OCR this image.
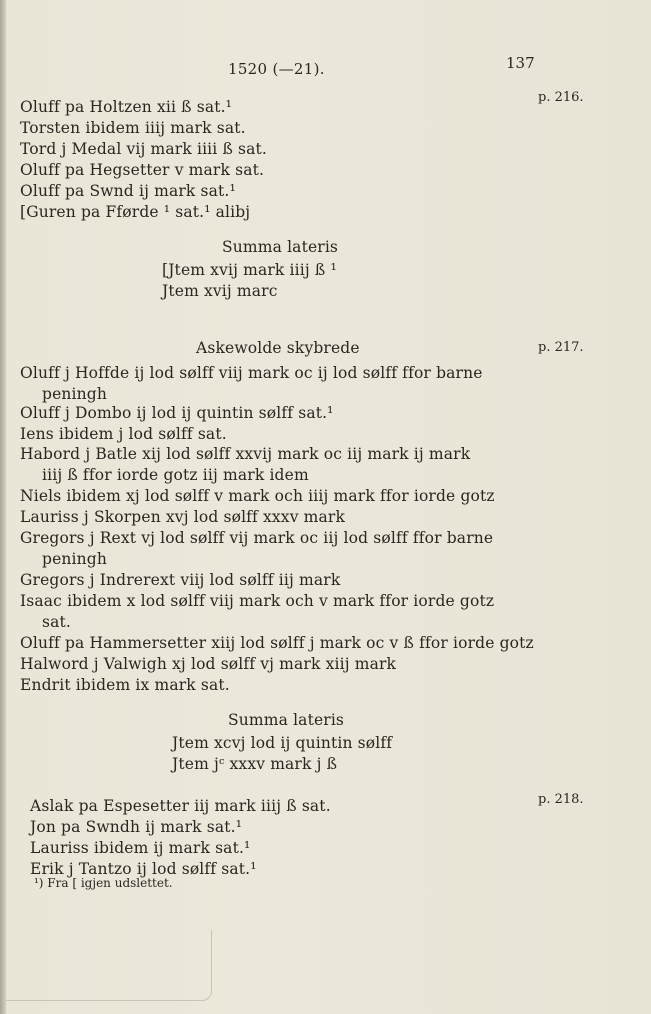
1520 (—21).	137
p. 216.
p. 217.
p. 218.
Oluff pa Holtzen xii ß sat.¹
Torsten ibidem iiij mark sat.
Tord j Medal vij mark iiii ß sat.
Oluff pa Hegsetter v mark sat.
Oluff pa Swnd ij mark sat.¹
[Guren pa Fførde ¹ sat.¹ alibj
Summa lateris
[Jtem xvij mark iiij ß ¹
Jtem xvij marc
Askewolde skybrede
Oluff j Hoffde ij lod sølff viij mark oc ij lod sølff ffor barne
peningh
Oluff j Dombo ij lod ij quintin sølff sat.¹
Iens ibidem j lod sølff sat.
Habord j Batle xij lod sølff xxvij mark oc iij mark ij mark
iiij ß ffor iorde gotz iij mark idem
Niels ibidem xj lod sølff v mark och iiij mark ffor iorde gotz
Lauriss j Skorpen xvj lod sølff xxxv mark
Gregors j Rext vj lod sølff vij mark oc iij lod sølff ffor barne
peningh
Gregors j Indrerext viij lod sølff iij mark
Isaac ibidem x lod sølff viij mark och v mark ffor iorde gotz
sat.
Oluff pa Hammersetter xiij lod sølff j mark oc v ß ffor iorde gotz
Halword j Valwigh xj lod sølff vj mark xiij mark
Endrit ibidem ix mark sat.
Summa lateris
Jtem xcvj lod ij quintin sølff
Jtem jᶜ xxxv mark j ß
Aslak pa Espesetter iij mark iiij ß sat.
Jon pa Swndh ij mark sat.¹
Lauriss ibidem ij mark sat.¹
Erik j Tantzo ij lod sølff sat.¹
¹) Fra [ igjen udslettet.
